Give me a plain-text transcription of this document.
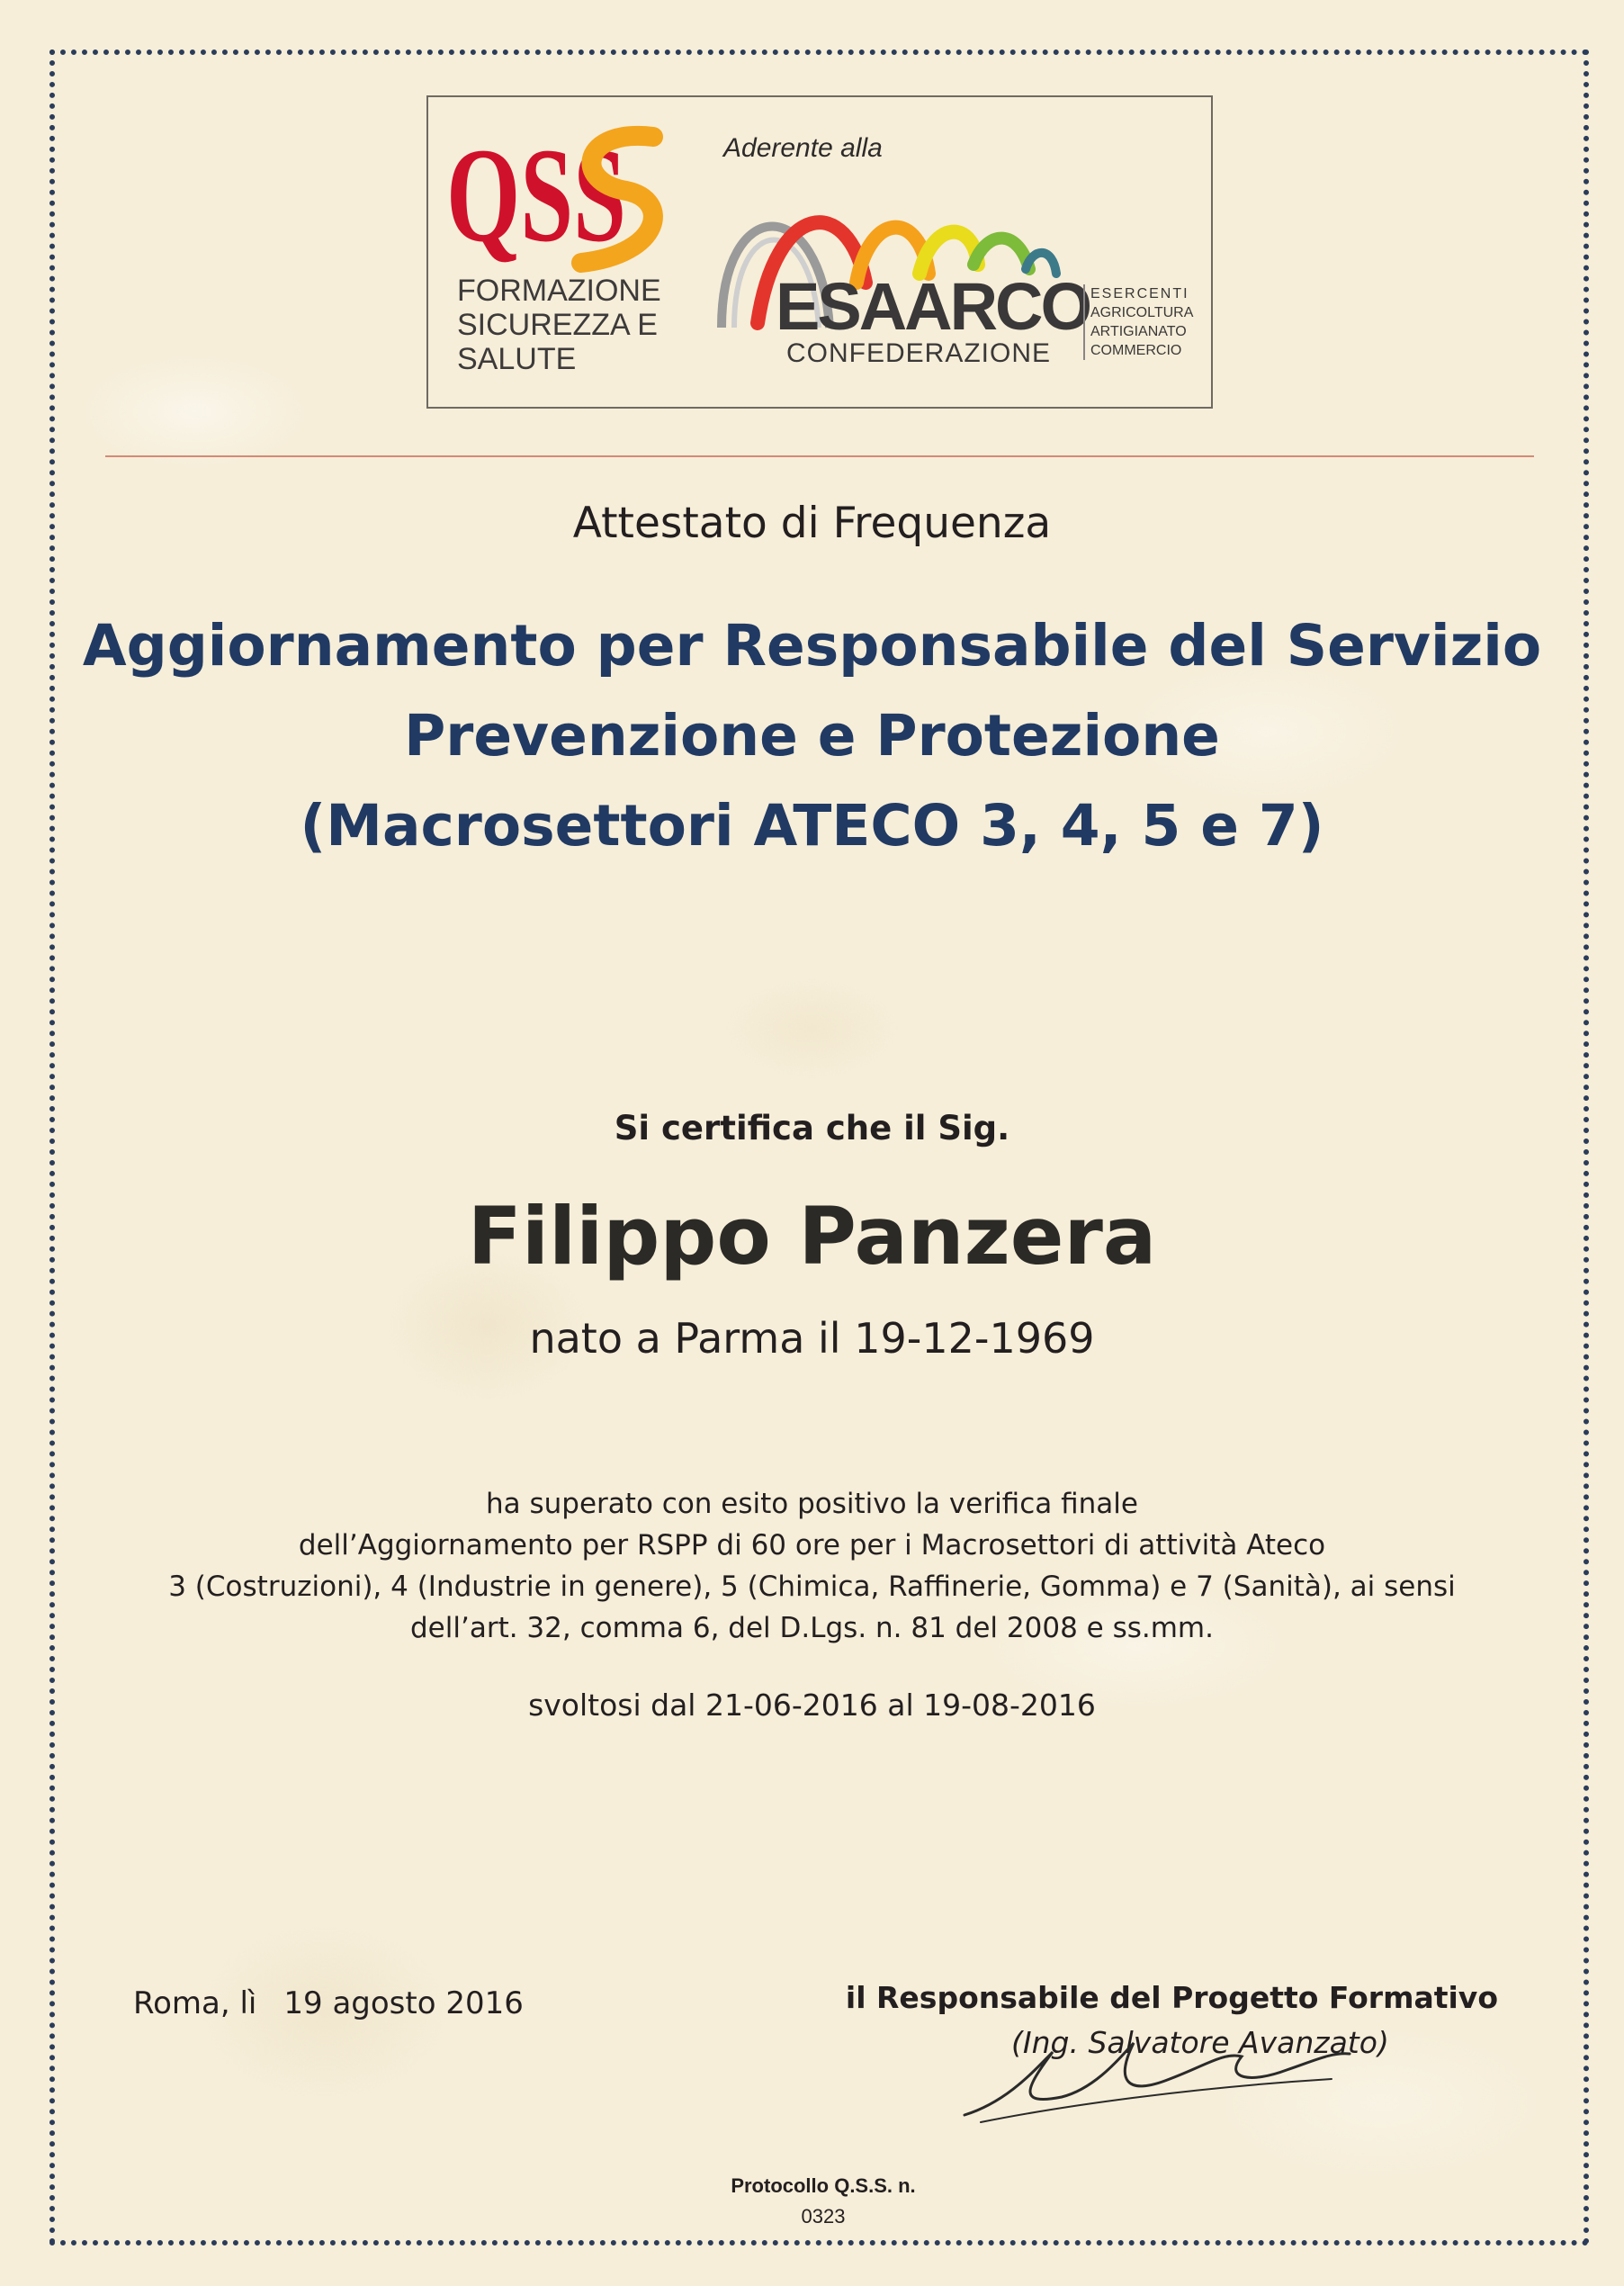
QSS
FORMAZIONE
SICUREZZA E
SALUTE
Aderente alla
ESAARCO
CONFEDERAZIONE
ESERCENTI
AGRICOLTURA
ARTIGIANATO
COMMERCIO
Attestato di Frequenza
Aggiornamento per Responsabile del Servizio
Prevenzione e Protezione
(Macrosettori ATECO 3, 4, 5 e 7)
Si certifica che il Sig.
Filippo Panzera
nato a Parma il 19-12-1969
ha superato con esito positivo la verifica finale
dell’Aggiornamento per RSPP di 60 ore per i Macrosettori di attività Ateco
3 (Costruzioni), 4 (Industrie in genere), 5 (Chimica, Raffinerie, Gomma) e 7 (Sanità), ai sensi
dell’art. 32, comma 6, del D.Lgs. n. 81 del 2008 e ss.mm.
svoltosi dal 21-06-2016 al 19-08-2016
Roma, lì 19 agosto 2016	il Responsabile del Progetto Formativo
(Ing. Salvatore Avanzato)
Protocollo Q.S.S. n.
0323
